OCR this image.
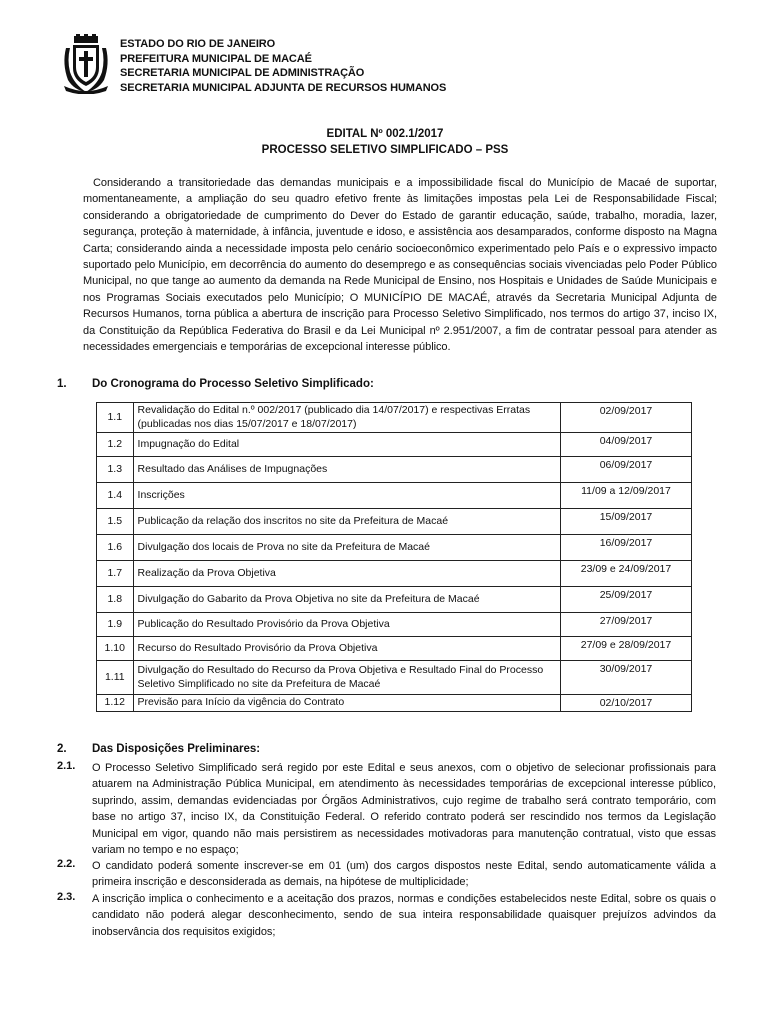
ESTADO DO RIO DE JANEIRO
PREFEITURA MUNICIPAL DE MACAÉ
SECRETARIA MUNICIPAL DE ADMINISTRAÇÃO
SECRETARIA MUNICIPAL ADJUNTA DE RECURSOS HUMANOS
EDITAL Nº 002.1/2017
PROCESSO SELETIVO SIMPLIFICADO – PSS

Considerando a transitoriedade das demandas municipais e a impossibilidade fiscal do Município de Macaé de suportar, momentaneamente, a ampliação do seu quadro efetivo frente às limitações impostas pela Lei de Responsabilidade Fiscal; considerando a obrigatoriedade de cumprimento do Dever do Estado de garantir educação, saúde, trabalho, moradia, lazer, segurança, proteção à maternidade, à infância, juventude e idoso, e assistência aos desamparados, conforme disposto na Magna Carta; considerando ainda a necessidade imposta pelo cenário socioeconômico experimentado pelo País e o expressivo impacto suportado pelo Município, em decorrência do aumento do desemprego e as consequências sociais vivenciadas pelo Poder Público Municipal, no que tange ao aumento da demanda na Rede Municipal de Ensino, nos Hospitais e Unidades de Saúde Municipais e nos Programas Sociais executados pelo Município; O MUNICÍPIO DE MACAÉ, através da Secretaria Municipal Adjunta de Recursos Humanos, torna pública a abertura de inscrição para Processo Seletivo Simplificado, nos termos do artigo 37, inciso IX, da Constituição da República Federativa do Brasil e da Lei Municipal nº 2.951/2007, a fim de contratar pessoal para atender as necessidades emergenciais e temporárias de excepcional interesse público.

1. Do Cronograma do Processo Seletivo Simplificado:
1.1	Revalidação do Edital n.º 002/2017 (publicado dia 14/07/2017) e respectivas Erratas (publicadas nos dias 15/07/2017 e 18/07/2017)	02/09/2017
1.2	Impugnação do Edital	04/09/2017
1.3	Resultado das Análises de Impugnações	06/09/2017
1.4	Inscrições	11/09 a 12/09/2017
1.5	Publicação da relação dos inscritos no site da Prefeitura de Macaé	15/09/2017
1.6	Divulgação dos locais de Prova no site da Prefeitura de Macaé	16/09/2017
1.7	Realização da Prova Objetiva	23/09 e 24/09/2017
1.8	Divulgação do Gabarito da Prova Objetiva no site da Prefeitura de Macaé	25/09/2017
1.9	Publicação do Resultado Provisório da Prova Objetiva	27/09/2017
1.10	Recurso do Resultado Provisório da Prova Objetiva	27/09 e 28/09/2017
1.11	Divulgação do Resultado do Recurso da Prova Objetiva e Resultado Final do Processo Seletivo Simplificado no site da Prefeitura de Macaé	30/09/2017
1.12	Previsão para Início da vigência do Contrato	02/10/2017
2. Das Disposições Preliminares:
2.1. O Processo Seletivo Simplificado será regido por este Edital e seus anexos, com o objetivo de selecionar profissionais para atuarem na Administração Pública Municipal, em atendimento às necessidades temporárias de excepcional interesse público, suprindo, assim, demandas evidenciadas por Órgãos Administrativos, cujo regime de trabalho será contrato temporário, com base no artigo 37, inciso IX, da Constituição Federal. O referido contrato poderá ser rescindido nos termos da Legislação Municipal em vigor, quando não mais persistirem as necessidades motivadoras para manutenção contratual, visto que essas variam no tempo e no espaço;

2.2. O candidato poderá somente inscrever-se em 01 (um) dos cargos dispostos neste Edital, sendo automaticamente válida a primeira inscrição e desconsiderada as demais, na hipótese de multiplicidade;

2.3. A inscrição implica o conhecimento e a aceitação dos prazos, normas e condições estabelecidos neste Edital, sobre os quais o candidato não poderá alegar desconhecimento, sendo de sua inteira responsabilidade quaisquer prejuízos advindos da inobservância dos requisitos exigidos;
